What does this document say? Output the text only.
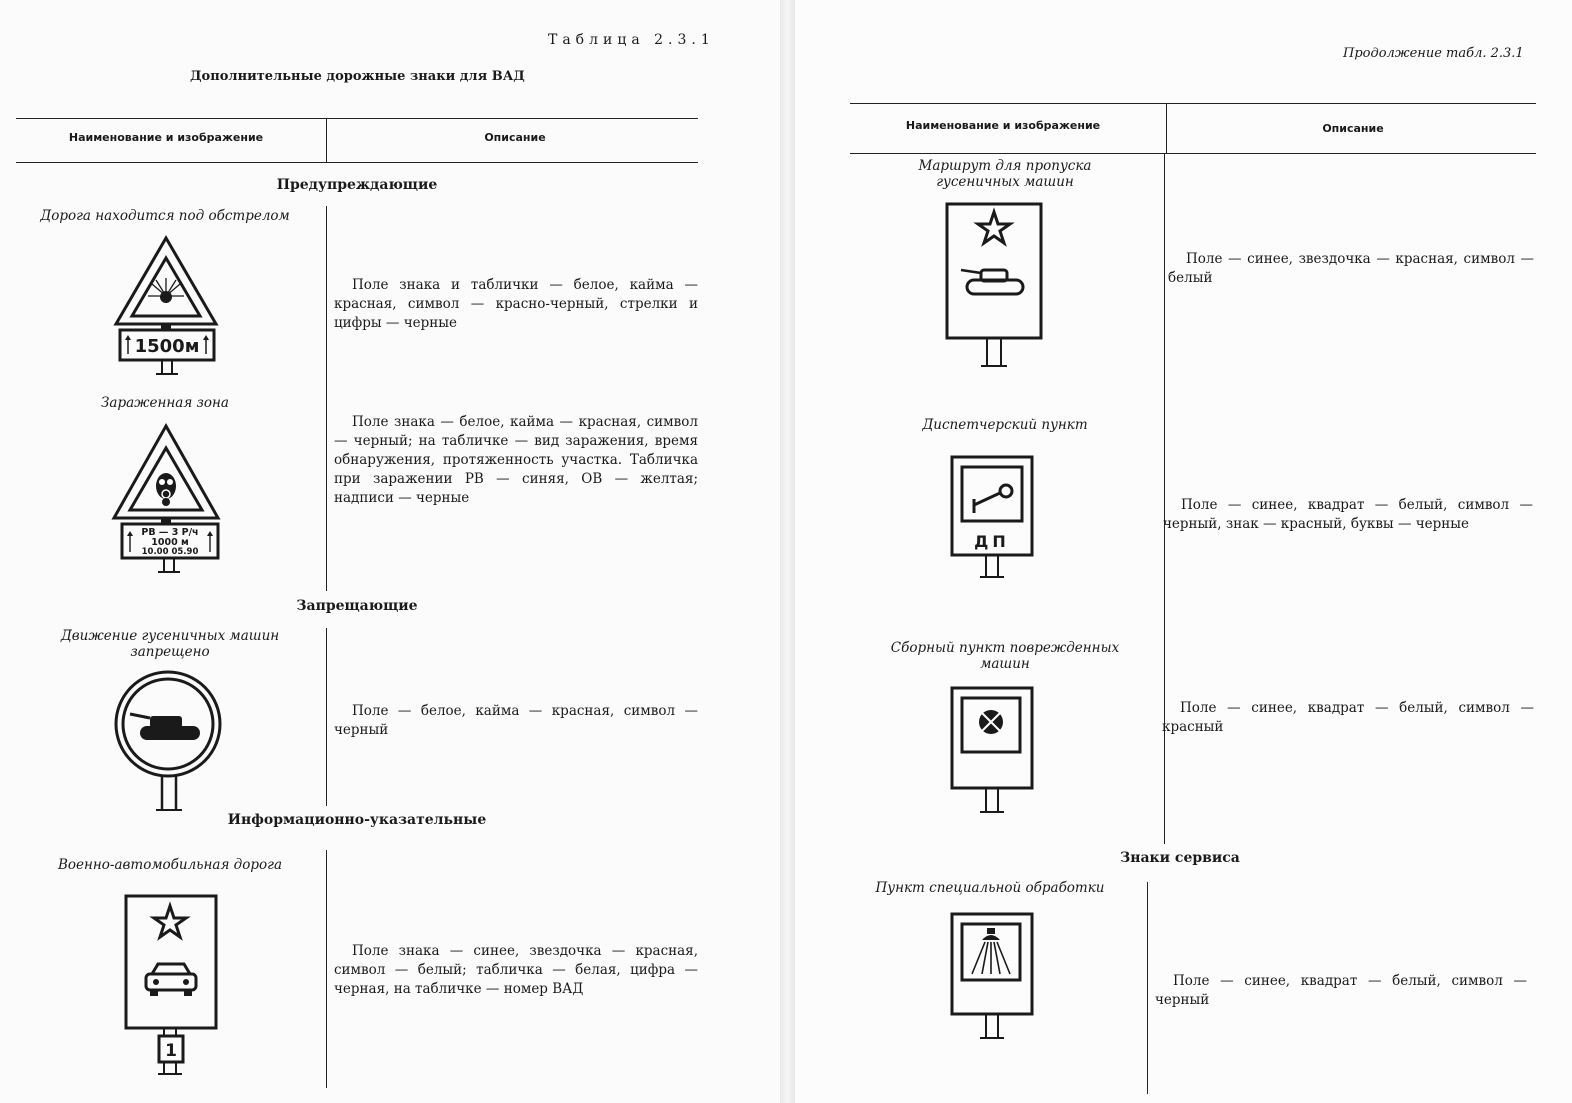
Таблица 2.3.1
Дополнительные дорожные знаки для ВАД
Наименование и изображение	Описание
Предупреждающие
Дорога находится под обстрелом
1500м
Поле знака и таблички — белое, кайма — красная, символ — красно-черный, стрелки и цифры — черные
Зараженная зона
РВ — 3 Р/ч
1000 м
10.00 05.90
Поле знака — белое, кайма — красная, символ — черный; на табличке — вид заражения, время обнаружения, протяженность участка. Табличка при заражении РВ — синяя, ОВ — желтая; надписи — черные
Запрещающие
Движение гусеничных машин запрещено
Поле — белое, кайма — красная, символ — черный
Информационно-указательные
Военно-автомобильная дорога
1
Поле знака — синее, звездочка — красная, символ — белый; табличка — белая, цифра — черная, на табличке — номер ВАД
Продолжение табл. 2.3.1
Наименование и изображение	Описание
Маршрут для пропуска гусеничных машин
Поле — синее, звездочка — красная, символ — белый
Диспетчерский пункт
ДП
Поле — синее, квадрат — белый, символ — черный, знак — красный, буквы — черные
Сборный пункт поврежденных машин
Поле — синее, квадрат — белый, символ — красный
Знаки сервиса
Пункт специальной обработки
Поле — синее, квадрат — белый, символ — черный
